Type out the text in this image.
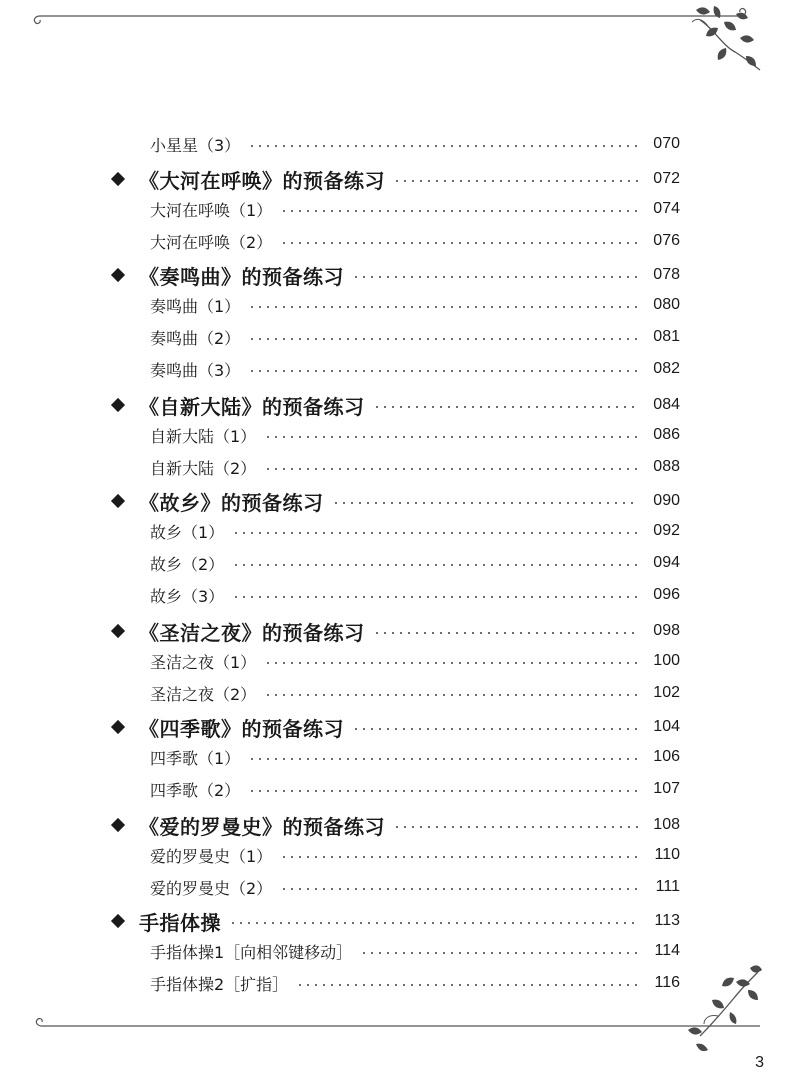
小星星（3）	070
《大河在呼唤》的预备练习	072
大河在呼唤（1）	074
大河在呼唤（2）	076
《奏鸣曲》的预备练习	078
奏鸣曲（1）	080
奏鸣曲（2）	081
奏鸣曲（3）	082
《自新大陆》的预备练习	084
自新大陆（1）	086
自新大陆（2）	088
《故乡》的预备练习	090
故乡（1）	092
故乡（2）	094
故乡（3）	096
《圣洁之夜》的预备练习	098
圣洁之夜（1）	100
圣洁之夜（2）	102
《四季歌》的预备练习	104
四季歌（1）	106
四季歌（2）	107
《爱的罗曼史》的预备练习	108
爱的罗曼史（1）	110
爱的罗曼史（2）	111
手指体操	113
手指体操1［向相邻键移动］	114
手指体操2［扩指］	116
3
